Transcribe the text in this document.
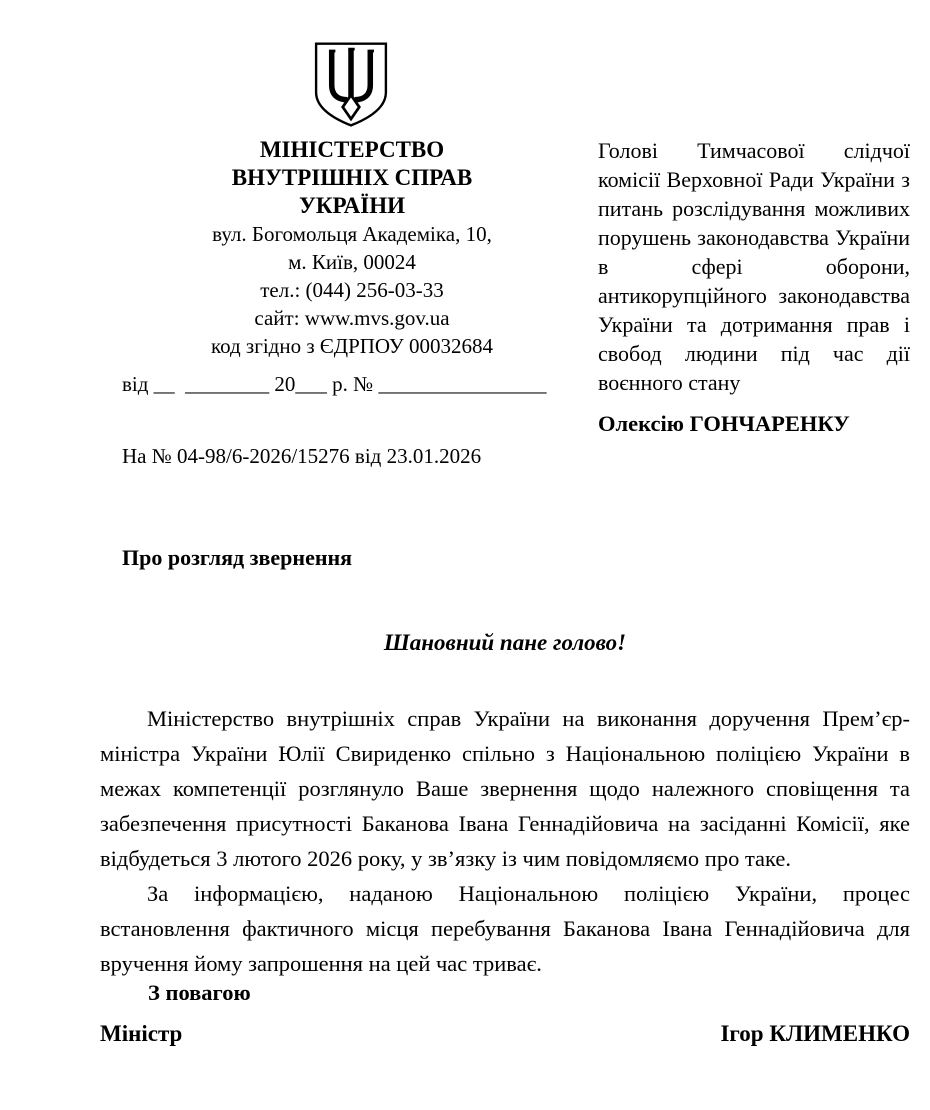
МІНІСТЕРСТВО
ВНУТРІШНІХ СПРАВ
УКРАЇНИ
вул. Богомольця Академіка, 10,
м. Київ, 00024
тел.: (044) 256-03-33
сайт: www.mvs.gov.ua
код згідно з ЄДРПОУ 00032684
від __  ________ 20___ р. № ________________
На № 04-98/6-2026/15276 від 23.01.2026
Голові Тимчасової слідчої комісії Верховної Ради України з питань розслідування можливих порушень законодавства України в сфері оборони, антикорупційного законодавства України та дотримання прав і свобод людини під час дії воєнного стану
Олексію ГОНЧАРЕНКУ
Про розгляд звернення
Шановний пане голово!

Міністерство внутрішніх справ України на виконання доручення Прем’єр-міністра України Юлії Свириденко спільно з Національною поліцією України в межах компетенції розглянуло Ваше звернення щодо належного сповіщення та забезпечення присутності Баканова Івана Геннадійовича на засіданні Комісії, яке відбудеться 3 лютого 2026 року, у зв’язку із чим повідомляємо про таке.

За інформацією, наданою Національною поліцією України, процес встановлення фактичного місця перебування Баканова Івана Геннадійовича для вручення йому запрошення на цей час триває.

З повагою
Міністр	Ігор КЛИМЕНКО
